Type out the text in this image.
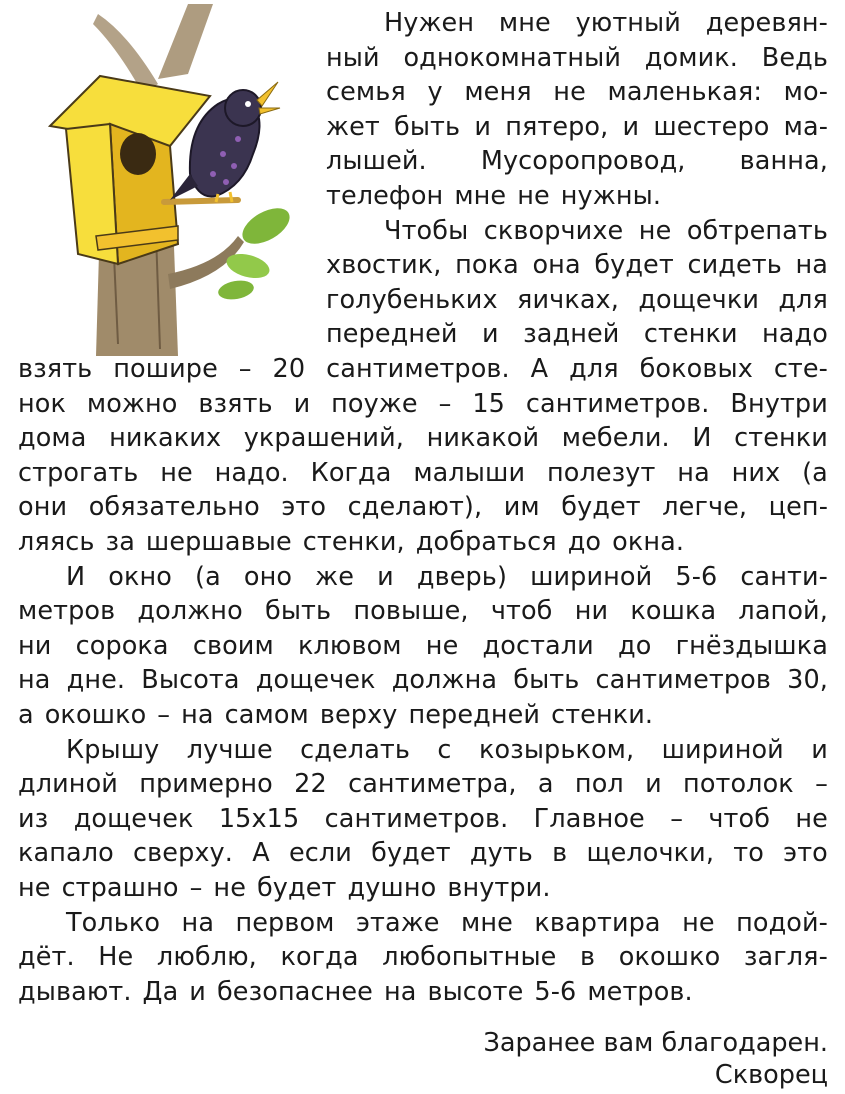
Нужен мне уютный деревян-
ный однокомнатный домик. Ведь
семья у меня не маленькая: мо-
жет быть и пятеро, и шестеро ма-
лышей. Мусоропровод, ванна,
телефон мне не нужны.
Чтобы скворчихе не обтрепать
хвостик, пока она будет сидеть на
голубеньких яичках, дощечки для
передней и задней стенки надо
взять пошире – 20 сантиметров. А для боковых сте-
нок можно взять и поуже – 15 сантиметров. Внутри
дома никаких украшений, никакой мебели. И стенки
строгать не надо. Когда малыши полезут на них (а
они обязательно это сделают), им будет легче, цеп-
ляясь за шершавые стенки, добраться до окна.
И окно (а оно же и дверь) шириной 5-6 санти-
метров должно быть повыше, чтоб ни кошка лапой,
ни сорока своим клювом не достали до гнёздышка
на дне. Высота дощечек должна быть сантиметров 30,
а окошко – на самом верху передней стенки.
Крышу лучше сделать с козырьком, шириной и
длиной примерно 22 сантиметра, а пол и потолок –
из дощечек 15х15 сантиметров. Главное – чтоб не
капало сверху. А если будет дуть в щелочки, то это
не страшно – не будет душно внутри.
Только на первом этаже мне квартира не подой-
дёт. Не люблю, когда любопытные в окошко загля-
дывают. Да и безопаснее на высоте 5-6 метров.
Заранее вам благодарен.
Скворец
